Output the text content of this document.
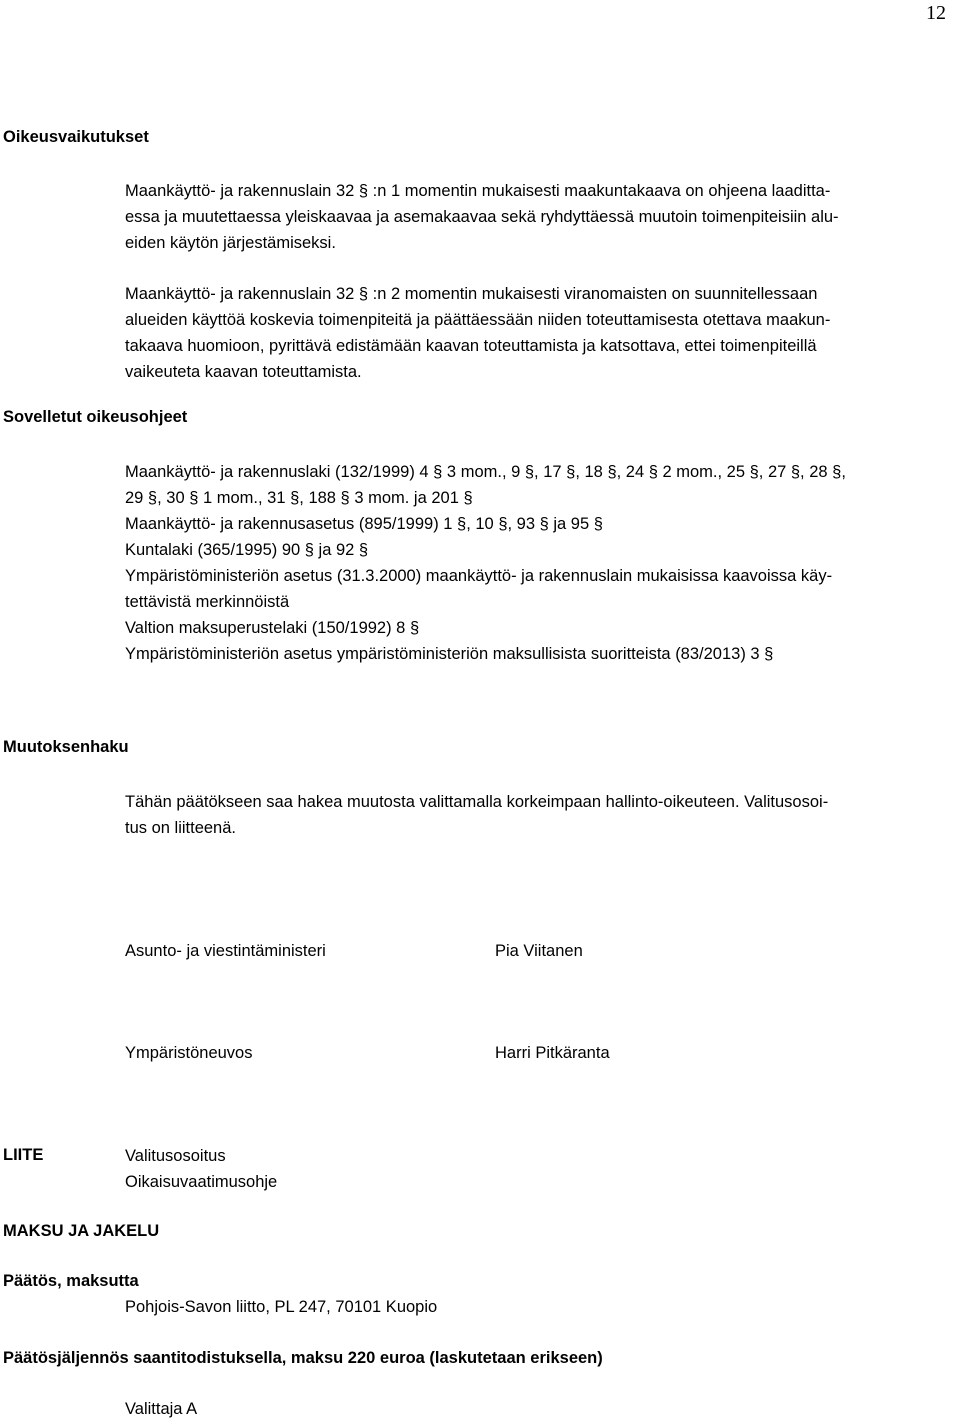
12
Oikeusvaikutukset
Maankäyttö- ja rakennuslain 32 § :n 1 momentin mukaisesti maakuntakaava on ohjeena laaditta-
essa ja muutettaessa yleiskaavaa ja asemakaavaa sekä ryhdyttäessä muutoin toimenpiteisiin alu-
eiden käytön järjestämiseksi.
Maankäyttö- ja rakennuslain 32 § :n 2 momentin mukaisesti viranomaisten on suunnitellessaan
alueiden käyttöä koskevia toimenpiteitä ja päättäessään niiden toteuttamisesta otettava maakun-
takaava huomioon, pyrittävä edistämään kaavan toteuttamista ja katsottava, ettei toimenpiteillä
vaikeuteta kaavan toteuttamista.
Sovelletut oikeusohjeet
Maankäyttö- ja rakennuslaki (132/1999) 4 § 3 mom., 9 §, 17 §, 18 §, 24 § 2 mom., 25 §, 27 §, 28 §,
29 §, 30 § 1 mom., 31 §, 188 § 3 mom. ja 201 §
Maankäyttö- ja rakennusasetus (895/1999) 1 §, 10 §, 93 § ja 95 §
Kuntalaki (365/1995) 90 § ja 92 §
Ympäristöministeriön asetus (31.3.2000) maankäyttö- ja rakennuslain mukaisissa kaavoissa käy-
tettävistä merkinnöistä
Valtion maksuperustelaki (150/1992) 8 §
Ympäristöministeriön asetus ympäristöministeriön maksullisista suoritteista (83/2013) 3 §
Muutoksenhaku
Tähän päätökseen saa hakea muutosta valittamalla korkeimpaan hallinto-oikeuteen. Valitusosoi-
tus on liitteenä.
Asunto- ja viestintäministeri	Pia Viitanen
Ympäristöneuvos	Harri Pitkäranta
LIITE	Valitusosoitus
Oikaisuvaatimusohje
MAKSU JA JAKELU
Päätös, maksutta
Pohjois-Savon liitto, PL 247, 70101 Kuopio
Päätösjäljennös saantitodistuksella, maksu 220 euroa (laskutetaan erikseen)
Valittaja A
